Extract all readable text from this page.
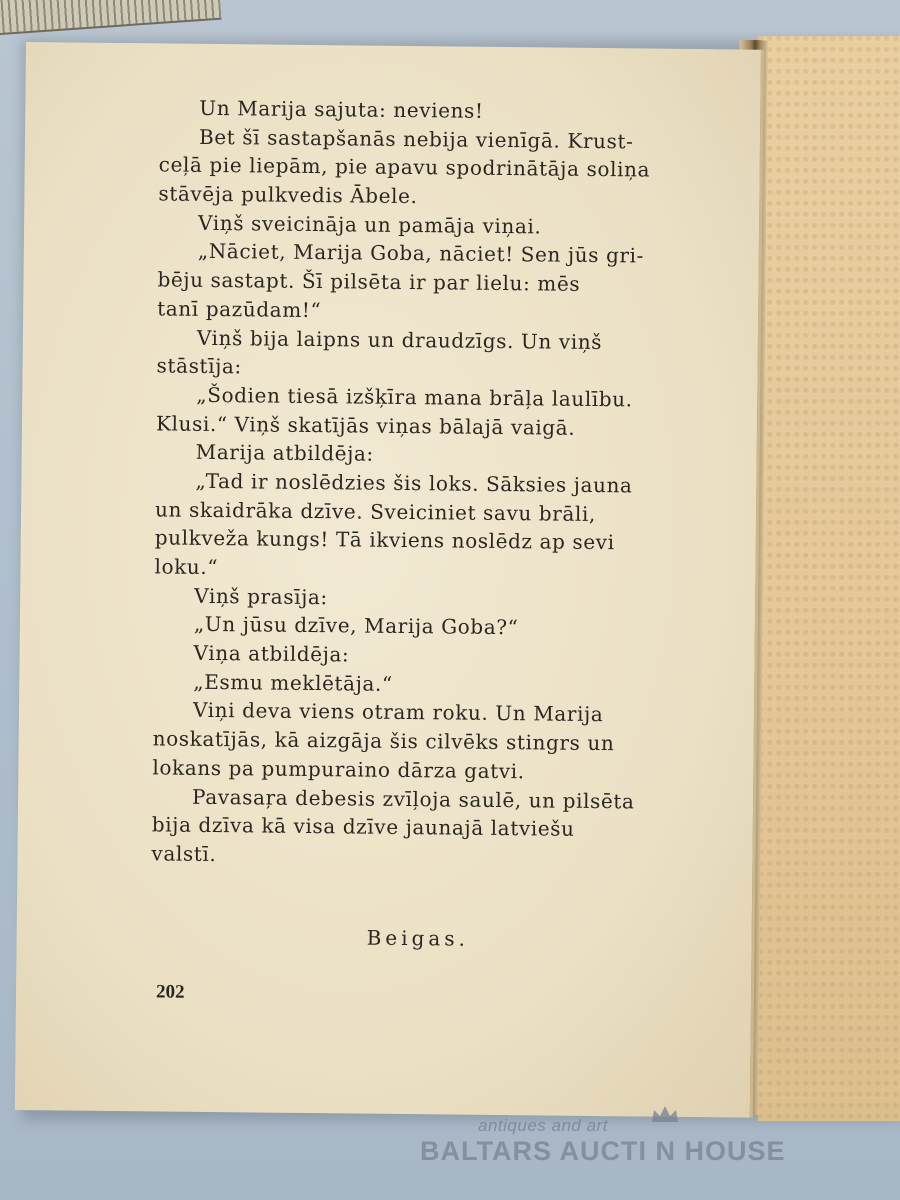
Un Marija sajuta: neviens!
Bet šī sastapšanās nebija vienīgā. Krust-
ceļā pie liepām, pie apavu spodrinātāja soliņa
stāvēja pulkvedis Ābele.
Viņš sveicināja un pamāja viņai.
„Nāciet, Marija Goba, nāciet! Sen jūs gri-
bēju sastapt. Šī pilsēta ir par lielu: mēs
tanī pazūdam!“
Viņš bija laipns un draudzīgs. Un viņš
stāstīja:
„Šodien tiesā izšķīra mana brāļa laulību.
Klusi.“ Viņš skatījās viņas bālajā vaigā.
Marija atbildēja:
„Tad ir noslēdzies šis loks. Sāksies jauna
un skaidrāka dzīve. Sveiciniet savu brāli,
pulkveža kungs! Tā ikviens noslēdz ap sevi
loku.“
Viņš prasīja:
„Un jūsu dzīve, Marija Goba?“
Viņa atbildēja:
„Esmu meklētāja.“
Viņi deva viens otram roku. Un Marija
noskatījās, kā aizgāja šis cilvēks stingrs un
lokans pa pumpuraino dārza gatvi.
Pavasaŗa debesis zvīļoja saulē, un pilsēta
bija dzīva kā visa dzīve jaunajā latviešu
valstī.
Beigas.
202
antiques and art
BALTARS AUCTI N HOUSE
